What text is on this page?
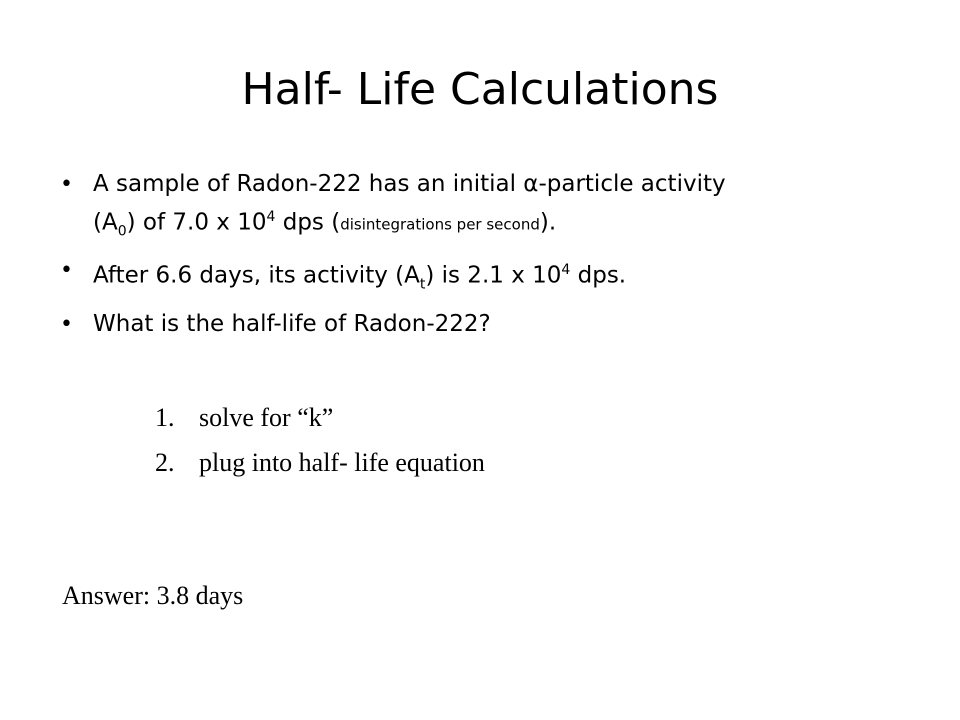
Half- Life Calculations
• A sample of Radon-222 has an initial α-particle activity
$(A_0)$ of 7.0 x $10^4$ dps (disintegrations per second).
• After 6.6 days, its activity $(A_t)$ is 2.1 x $10^4$ dps.
• What is the half-life of Radon-222?
1. solve for “k”
2. plug into half- life equation
Answer: 3.8 days
